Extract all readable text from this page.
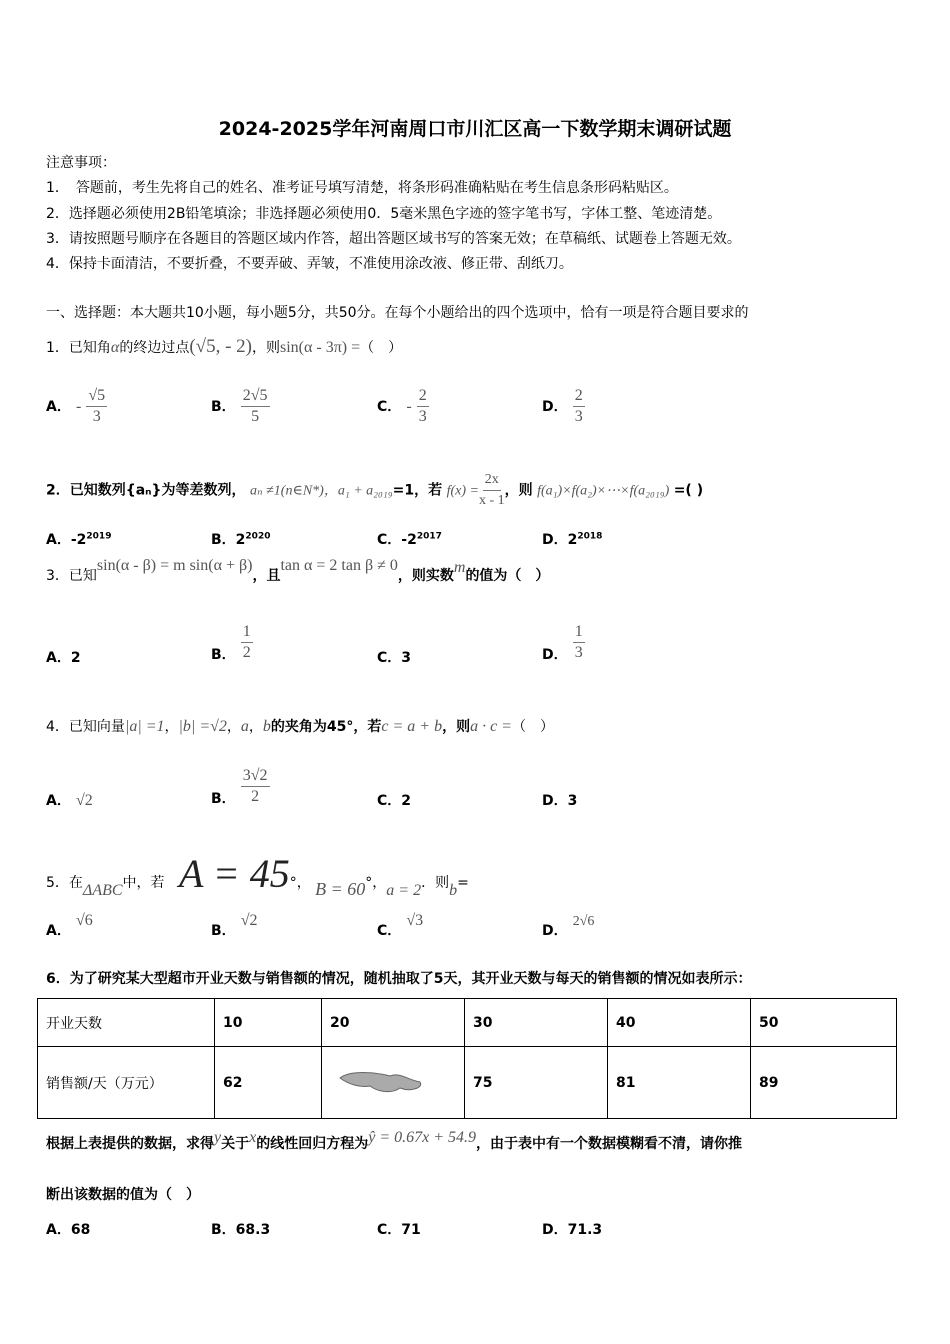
2024-2025学年河南周口市川汇区高一下数学期末调研试题
注意事项：
1．　答题前，考生先将自己的姓名、准考证号填写清楚，将条形码准确粘贴在考生信息条形码粘贴区。
2．选择题必须使用2B铅笔填涂；非选择题必须使用0．5毫米黑色字迹的签字笔书写，字体工整、笔迹清楚。
3．请按照题号顺序在各题目的答题区域内作答，超出答题区域书写的答案无效；在草稿纸、试题卷上答题无效。
4．保持卡面清洁，不要折叠，不要弄破、弄皱，不准使用涂改液、修正带、刮纸刀。
一、选择题：本大题共10小题，每小题5分，共50分。在每个小题给出的四个选项中，恰有一项是符合题目要求的
1．已知角α的终边过点(√5, - 2)，则sin(α - 3π) =（　）
A． - $\frac{√5}{3}$	B． $\frac{2√5}{5}$	C． - $\frac{2}{3}$	D． $\frac{2}{3}$
2．已知数列{aₙ}为等差数列， aₙ ≠1(n∈N*)，a₁ + a₂₀₁₉=1，若 $f(x) = \frac{2x}{x - 1}$ ，则 f(a₁)×f(a₂)×⋯×f(a₂₀₁₉) =( )
A．$-2^{2019}$	B．$2^{2020}$	C．$-2^{2017}$	D．$2^{2018}$
3．已知sin(α - β) = m sin(α + β)，且tan α = 2 tan β ≠ 0，则实数m的值为（　）
A．2	B． $\frac{1}{2}$	C．3	D． $\frac{1}{3}$
4．已知向量|a| =1，|b| =√2，a，b的夹角为45°，若c = a + b，则a · c =（　）
A． √2	B． $\frac{3√2}{2}$	C．2	D．3
5．在ΔABC中，若 A = 45°， B = 60°，a = 2．则b=
A． √6
B． √2
C． √3
D． 2√6
6．为了研究某大型超市开业天数与销售额的情况，随机抽取了5天，其开业天数与每天的销售额的情况如表所示：
开业天数	10	20	30	40	50
销售额/天（万元）	62		75	81	89
根据上表提供的数据，求得y关于x的线性回归方程为ŷ = 0.67x + 54.9，由于表中有一个数据模糊看不清，请你推
断出该数据的值为（　）
A．68	B．68.3	C．71	D．71.3
